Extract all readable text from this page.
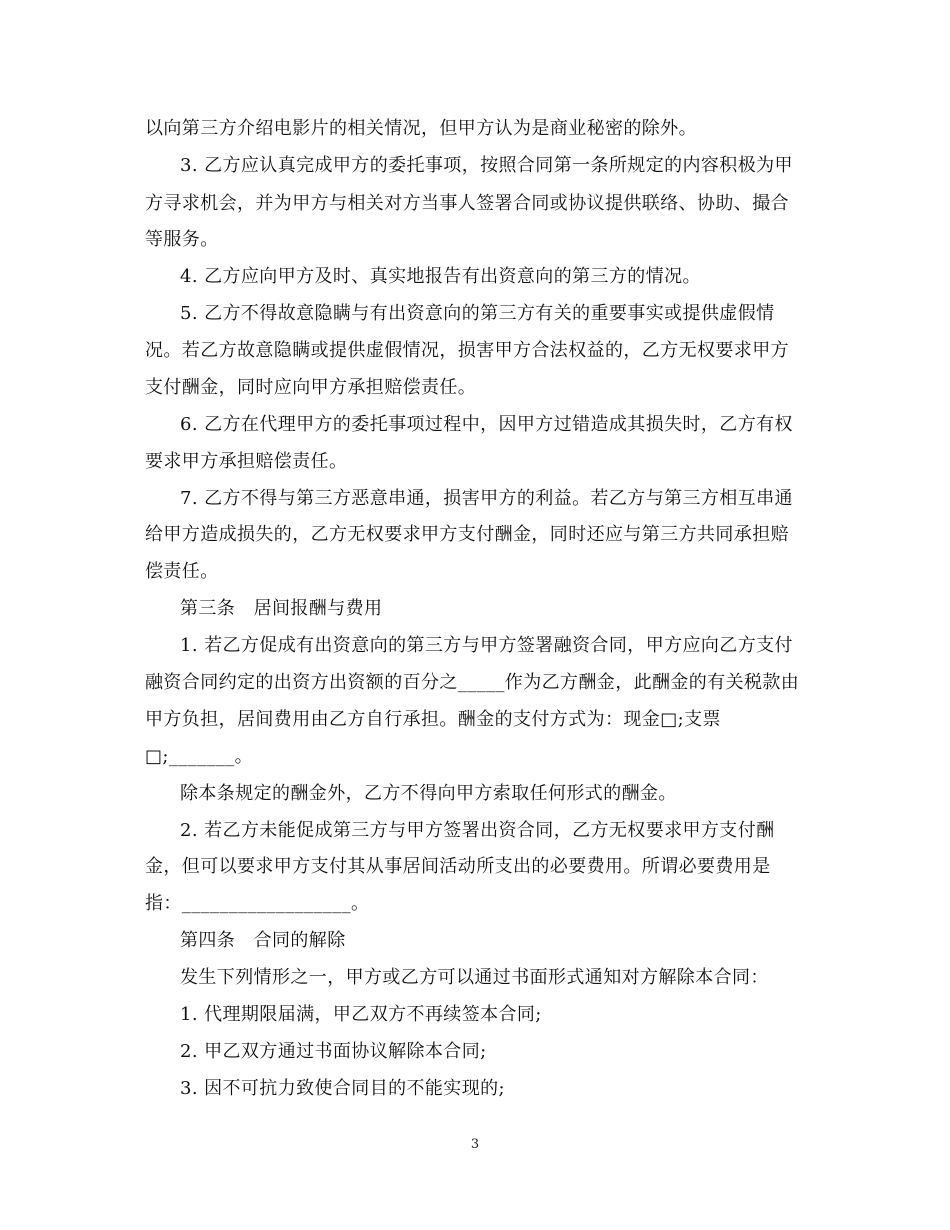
以向第三方介绍电影片的相关情况，但甲方认为是商业秘密的除外。
3. 乙方应认真完成甲方的委托事项，按照合同第一条所规定的内容积极为甲
方寻求机会，并为甲方与相关对方当事人签署合同或协议提供联络、协助、撮合
等服务。
4. 乙方应向甲方及时、真实地报告有出资意向的第三方的情况。
5. 乙方不得故意隐瞒与有出资意向的第三方有关的重要事实或提供虚假情
况。若乙方故意隐瞒或提供虚假情况，损害甲方合法权益的，乙方无权要求甲方
支付酬金，同时应向甲方承担赔偿责任。
6. 乙方在代理甲方的委托事项过程中，因甲方过错造成其损失时，乙方有权
要求甲方承担赔偿责任。
7. 乙方不得与第三方恶意串通，损害甲方的利益。若乙方与第三方相互串通
给甲方造成损失的，乙方无权要求甲方支付酬金，同时还应与第三方共同承担赔
偿责任。
第三条　居间报酬与费用
1. 若乙方促成有出资意向的第三方与甲方签署融资合同，甲方应向乙方支付
融资合同约定的出资方出资额的百分之_____作为乙方酬金，此酬金的有关税款由
甲方负担，居间费用由乙方自行承担。酬金的支付方式为：现金□;支票
□;_______。
除本条规定的酬金外，乙方不得向甲方索取任何形式的酬金。
2. 若乙方未能促成第三方与甲方签署出资合同，乙方无权要求甲方支付酬
金，但可以要求甲方支付其从事居间活动所支出的必要费用。所谓必要费用是
指：__________________。
第四条　合同的解除
发生下列情形之一，甲方或乙方可以通过书面形式通知对方解除本合同：
1. 代理期限届满，甲乙双方不再续签本合同;
2. 甲乙双方通过书面协议解除本合同;
3. 因不可抗力致使合同目的不能实现的;
3
